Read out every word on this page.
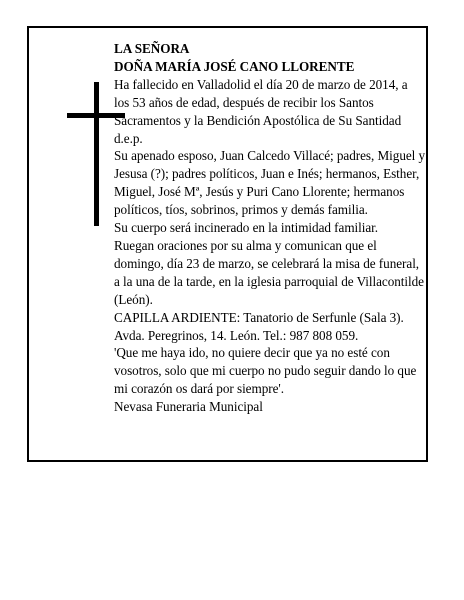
LA SEÑORA

DOÑA MARÍA JOSÉ CANO LLORENTE

Ha fallecido en Valladolid el día 20 de marzo de 2014, a los 53 años de edad, después de recibir los Santos Sacramentos y la Bendición Apostólica de Su Santidad d.e.p.

Su apenado esposo, Juan Calcedo Villacé; padres, Miguel y Jesusa (?); padres políticos, Juan e Inés; hermanos, Esther, Miguel, José Mª, Jesús y Puri Cano Llorente; hermanos políticos, tíos, sobrinos, primos y demás familia.

Su cuerpo será incinerado en la intimidad familiar.

Ruegan oraciones por su alma y comunican que el domingo, día 23 de marzo, se celebrará la misa de funeral, a la una de la tarde, en la iglesia parroquial de Villacontilde (León).

CAPILLA ARDIENTE: Tanatorio de Serfunle (Sala 3). Avda. Peregrinos, 14. León. Tel.: 987 808 059.

'Que me haya ido, no quiere decir que ya no esté con vosotros, solo que mi cuerpo no pudo seguir dando lo que mi corazón os dará por siempre'.

Nevasa Funeraria Municipal
